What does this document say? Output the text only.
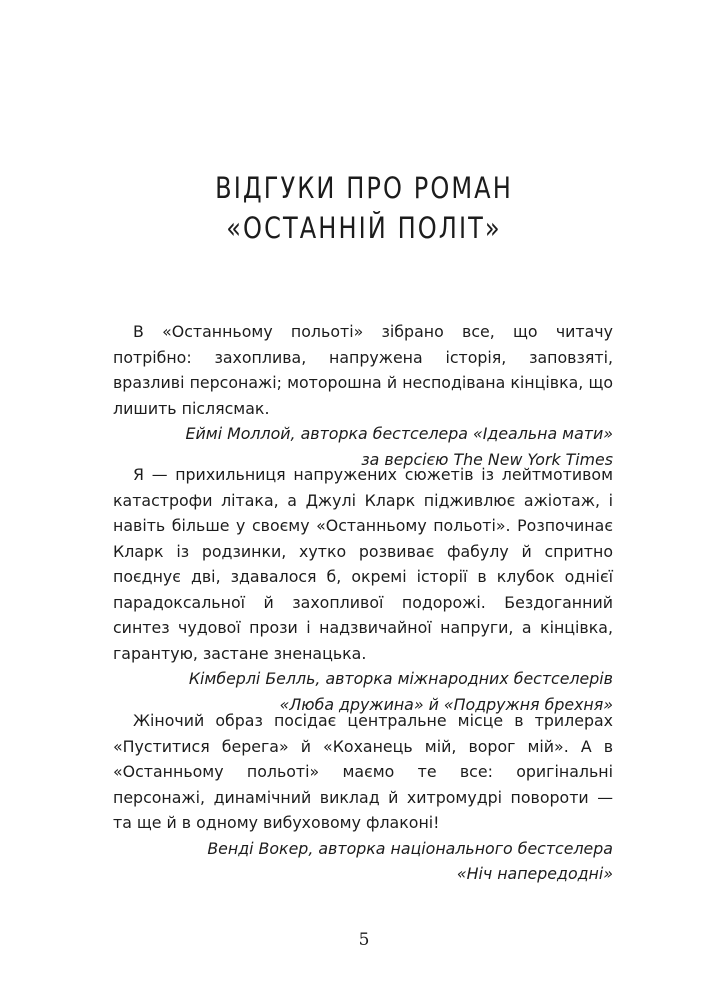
ВІДГУКИ ПРО РОМАН
«ОСТАННІЙ ПОЛІТ»

В «Останньому польоті» зібрано все, що читачу потрібно: захоплива, напружена історія, заповзяті, вразливі персонажі; моторошна й несподівана кінцівка, що лишить післясмак.

Еймі Моллой, авторка бестселера «Ідеальна мати»
за версією The New York Times

Я — прихильниця напружених сюжетів із лейтмотивом катастрофи літака, а Джулі Кларк підживлює ажіотаж, і навіть більше у своєму «Останньому польоті». Розпочинає Кларк із родзинки, хутко розвиває фабулу й спритно поєднує дві, здавалося б, окремі історії в клубок однієї парадоксальної й захопливої подорожі. Бездоганний синтез чудової прози і надзвичайної напруги, а кінцівка, гарантую, застане зненацька.

Кімберлі Белль, авторка міжнародних бестселерів
«Люба дружина» й «Подружня брехня»

Жіночий образ посідає центральне місце в трилерах «Пуститися берега» й «Коханець мій, ворог мій». А в «Останньому польоті» маємо те все: оригінальні персонажі, динамічний виклад й хитромудрі повороти — та ще й в одному вибуховому флаконі!

Венді Вокер, авторка національного бестселера
«Ніч напередодні»
5
